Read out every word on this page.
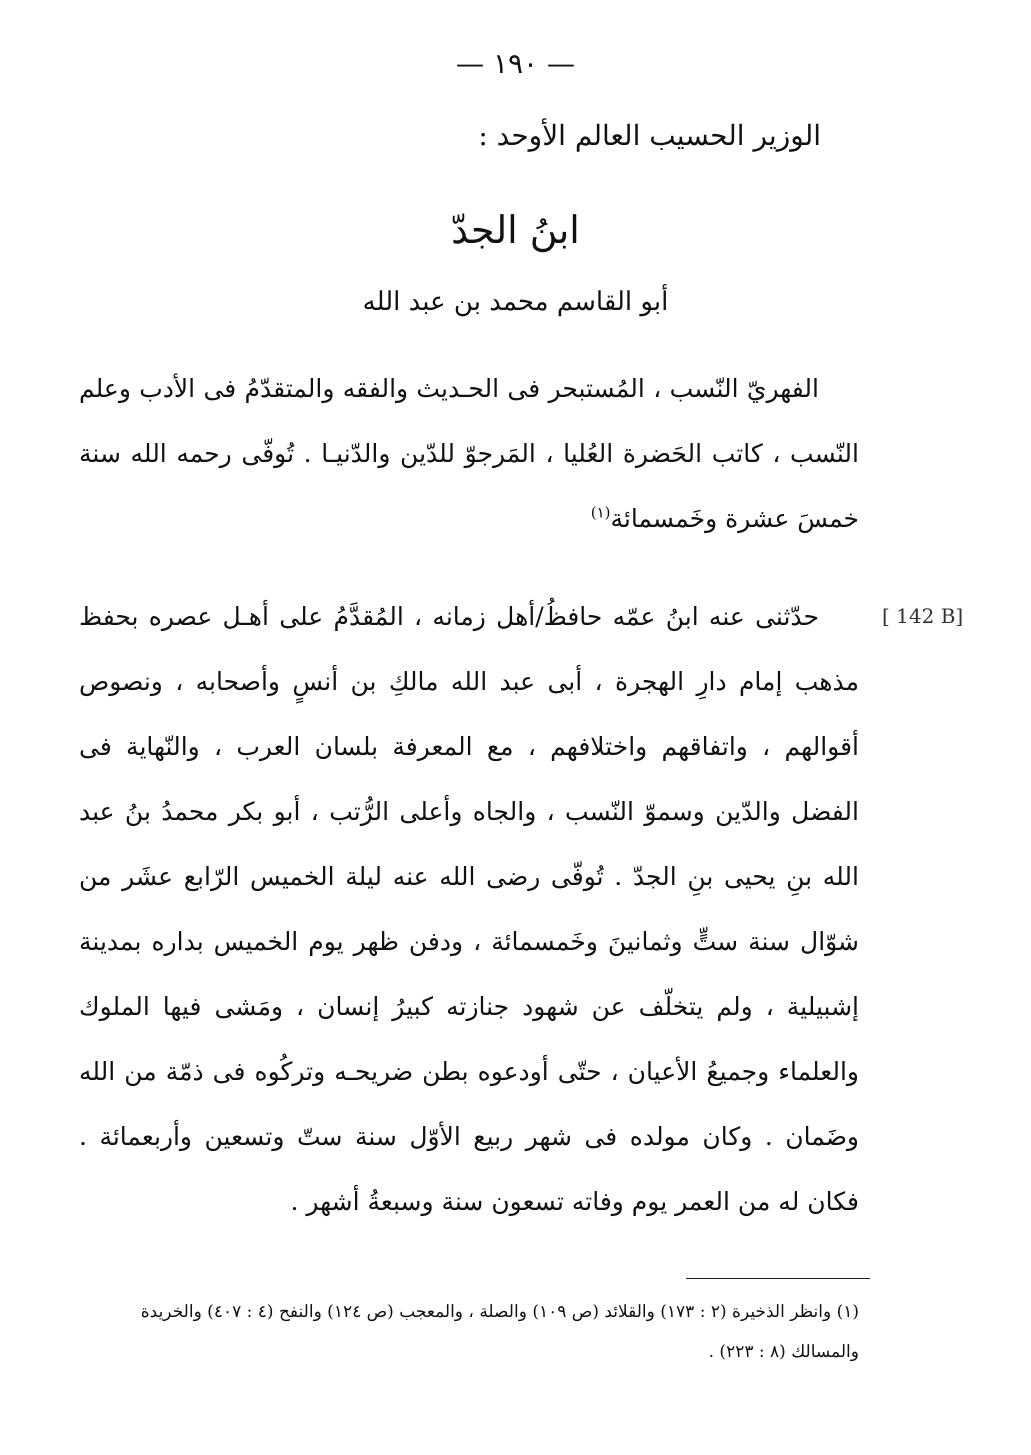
— ١٩٠ —
الوزير الحسيب العالم الأوحد :
ابنُ الجدّ
أبو القاسم محمد بن عبد الله
الفهريّ النّسب ، المُستبحر فى الحـديث والفقه والمتقدّمُ فى الأدب وعلم النّسب ، كاتب الحَضرة العُليا ، المَرجوّ للدّين والدّنيـا . تُوفّى رحمه الله سنة خمسَ عشرة وخَمسمائة$^{(١)}$
[ 142 B]
حدّثنى عنه ابنُ عمّه حافظُ/أهل زمانه ، المُقدَّمُ على أهـل عصره بحفظ مذهب إمام دارِ الهجرة ، أبى عبد الله مالكِ بن أنسٍ وأصحابه ، ونصوص أقوالهم ، واتفاقهم واختلافهم ، مع المعرفة بلسان العرب ، والنّهاية فى الفضل والدّين وسموّ النّسب ، والجاه وأعلى الرُّتب ، أبو بكر محمدُ بنُ عبد الله بنِ يحيى بنِ الجدّ . تُوفّى رضى الله عنه ليلة الخميس الرّابع عشَر من شوّال سنة ستٍّ وثمانينَ وخَمسمائة ، ودفن ظهر يوم الخميس بداره بمدينة إشبيلية ، ولم يتخلّف عن شهود جنازته كبيرُ إنسان ، ومَشى فيها الملوك والعلماء وجميعُ الأعيان ، حتّى أودعوه بطن ضريحـه وتركُوه فى ذمّة من الله وضَمان . وكان مولده فى شهر ربيع الأوّل سنة ستّ وتسعين وأربعمائة . فكان له من العمر يوم وفاته تسعون سنة وسبعةُ أشهر .
(١) وانظر الذخيرة (٢ : ١٧٣) والقلائد (ص ١٠٩) والصلة ، والمعجب (ص ١٢٤) والنفح (٤ : ٤٠٧) والخريدة والمسالك (٨ : ٢٢٣) .
